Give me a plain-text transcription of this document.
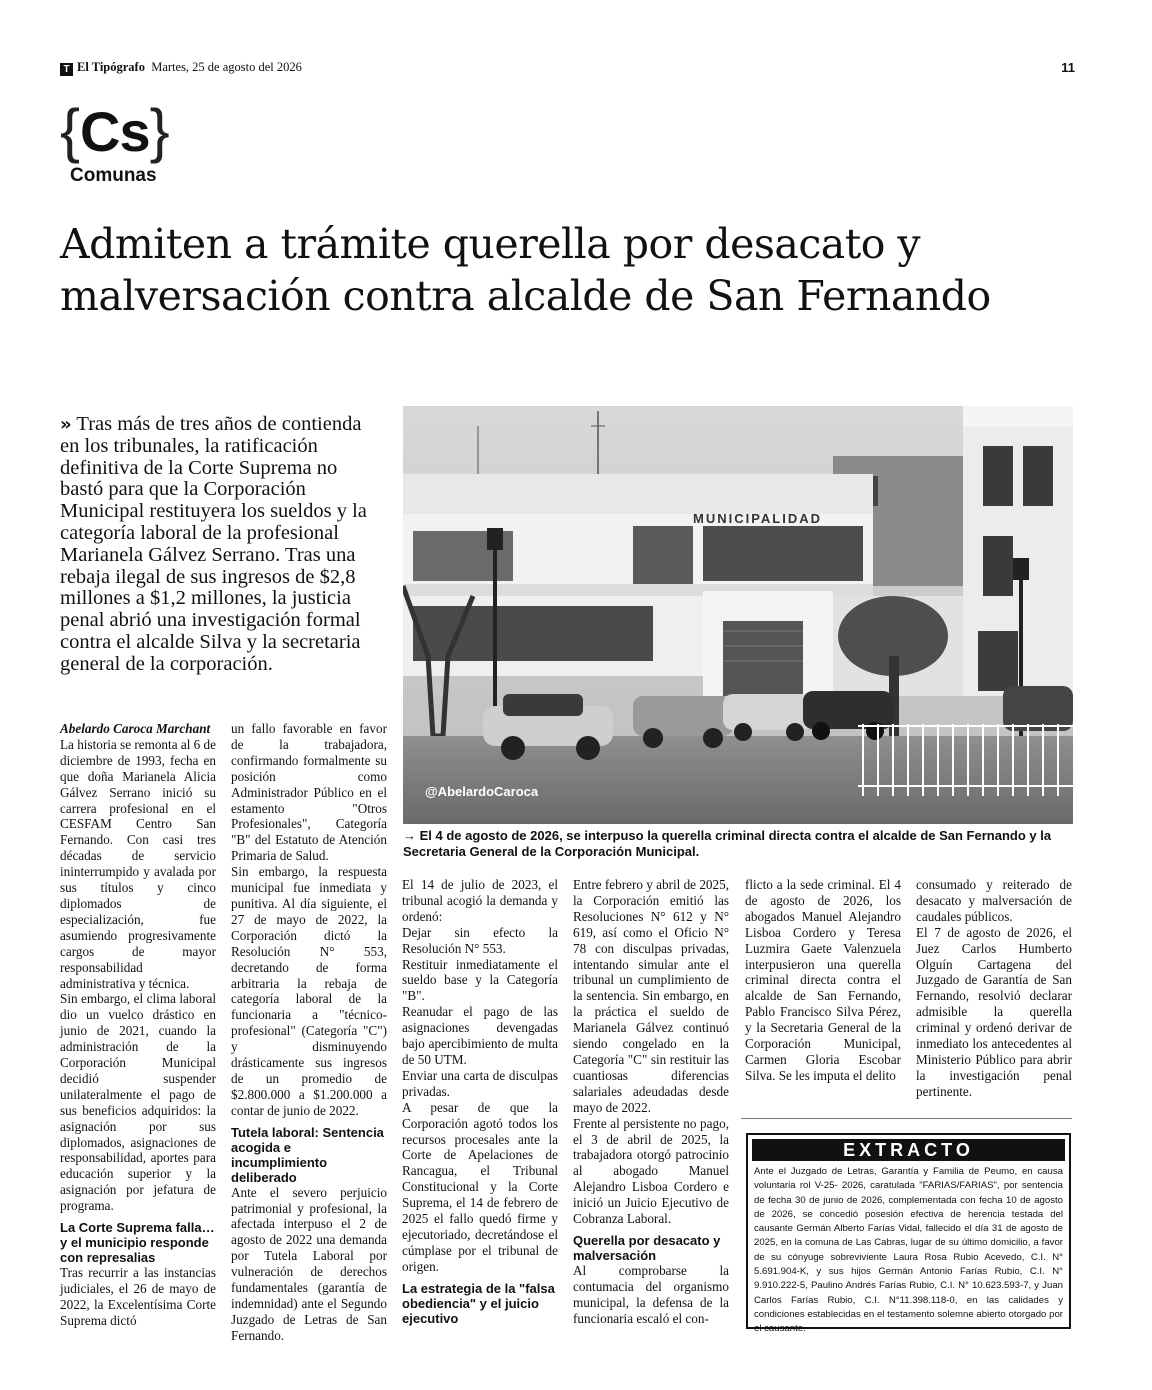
T El Tipógrafo Martes, 25 de agosto del 2026	11
{Cs}
Comunas
Admiten a trámite querella por desacato y
malversación contra alcalde de San Fernando
» Tras más de tres años de contienda en los tribunales, la ratificación definitiva de la Corte Suprema no bastó para que la Corporación Municipal restituyera los sueldos y la categoría laboral de la profesional Marianela Gálvez Serrano. Tras una rebaja ilegal de sus ingresos de $2,8 millones a $1,2 millones, la justicia penal abrió una investigación formal contra el alcalde Silva y la secretaria general de la corporación.
MUNICIPALIDAD
@AbelardoCaroca
→ El 4 de agosto de 2026, se interpuso la querella criminal directa contra el alcalde de San Fernando y la Secretaria General de la Corporación Municipal.

Abelardo Caroca Marchant

La historia se remonta al 6 de diciembre de 1993, fecha en que doña Marianela Alicia Gálvez Serrano inició su carrera profesional en el CESFAM Centro San Fernando. Con casi tres décadas de servicio ininterrumpido y avalada por sus títulos y cinco diplomados de especialización, fue asumiendo progresivamente cargos de mayor responsabilidad administrativa y técnica.

Sin embargo, el clima laboral dio un vuelco drástico en junio de 2021, cuando la administración de la Corporación Municipal decidió suspender unilateralmente el pago de sus beneficios adquiridos: la asignación por sus diplomados, asignaciones de responsabilidad, aportes para educación superior y la asignación por jefatura de programa.

La Corte Suprema falla… y el municipio responde con represalias

Tras recurrir a las instancias judiciales, el 26 de mayo de 2022, la Excelentísima Corte Suprema dictó

un fallo favorable en favor de la trabajadora, confirmando formalmente su posición como Administrador Público en el estamento "Otros Profesionales", Categoría "B" del Estatuto de Atención Primaria de Salud.

Sin embargo, la respuesta municipal fue inmediata y punitiva. Al día siguiente, el 27 de mayo de 2022, la Corporación dictó la Resolución N° 553, decretando de forma arbitraria la rebaja de categoría laboral de la funcionaria a "técnico-profesional" (Categoría "C") y disminuyendo drásticamente sus ingresos de un promedio de $2.800.000 a $1.200.000 a contar de junio de 2022.

Tutela laboral: Sentencia acogida e incumplimiento deliberado

Ante el severo perjuicio patrimonial y profesional, la afectada interpuso el 2 de agosto de 2022 una demanda por Tutela Laboral por vulneración de derechos fundamentales (garantía de indemnidad) ante el Segundo Juzgado de Letras de San Fernando.

El 14 de julio de 2023, el tribunal acogió la demanda y ordenó:

Dejar sin efecto la Resolución N° 553.

Restituir inmediatamente el sueldo base y la Categoría "B".

Reanudar el pago de las asignaciones devengadas bajo apercibimiento de multa de 50 UTM.

Enviar una carta de disculpas privadas.

A pesar de que la Corporación agotó todos los recursos procesales ante la Corte de Apelaciones de Rancagua, el Tribunal Constitucional y la Corte Suprema, el 14 de febrero de 2025 el fallo quedó firme y ejecutoriado, decretándose el cúmplase por el tribunal de origen.

La estrategia de la "falsa obediencia" y el juicio ejecutivo

Entre febrero y abril de 2025, la Corporación emitió las Resoluciones N° 612 y N° 619, así como el Oficio N° 78 con disculpas privadas, intentando simular ante el tribunal un cumplimiento de la sentencia. Sin embargo, en la práctica el sueldo de Marianela Gálvez continuó siendo congelado en la Categoría "C" sin restituir las cuantiosas diferencias salariales adeudadas desde mayo de 2022.

Frente al persistente no pago, el 3 de abril de 2025, la trabajadora otorgó patrocinio al abogado Manuel Alejandro Lisboa Cordero e inició un Juicio Ejecutivo de Cobranza Laboral.

Querella por desacato y malversación

Al comprobarse la contumacia del organismo municipal, la defensa de la funcionaria escaló el con-

flicto a la sede criminal. El 4 de agosto de 2026, los abogados Manuel Alejandro Lisboa Cordero y Teresa Luzmira Gaete Valenzuela interpusieron una querella criminal directa contra el alcalde de San Fernando, Pablo Francisco Silva Pérez, y la Secretaria General de la Corporación Municipal, Carmen Gloria Escobar Silva. Se les imputa el delito

consumado y reiterado de desacato y malversación de caudales públicos.

El 7 de agosto de 2026, el Juez Carlos Humberto Olguín Cartagena del Juzgado de Garantía de San Fernando, resolvió declarar admisible la querella criminal y ordenó derivar de inmediato los antecedentes al Ministerio Público para abrir la investigación penal pertinente.

EXTRACTO
Ante el Juzgado de Letras, Garantía y Familia de Peumo, en causa voluntaria rol V-25- 2026, caratulada "FARIAS/FARIAS", por sentencia de fecha 30 de junio de 2026, complementada con fecha 10 de agosto de 2026, se concedió posesión efectiva de herencia testada del causante Germán Alberto Farías Vidal, fallecido el día 31 de agosto de 2025, en la comuna de Las Cabras, lugar de su último domicilio, a favor de su cónyuge sobreviviente Laura Rosa Rubio Acevedo, C.I. N° 5.691.904-K, y sus hijos Germán Antonio Farías Rubio, C.I. N° 9.910.222-5, Paulino Andrés Farías Rubio, C.I. N° 10.623.593-7, y Juan Carlos Farías Rubio, C.I. N°11.398.118-0, en las calidades y condiciones establecidas en el testamento solemne abierto otorgado por el causante.
